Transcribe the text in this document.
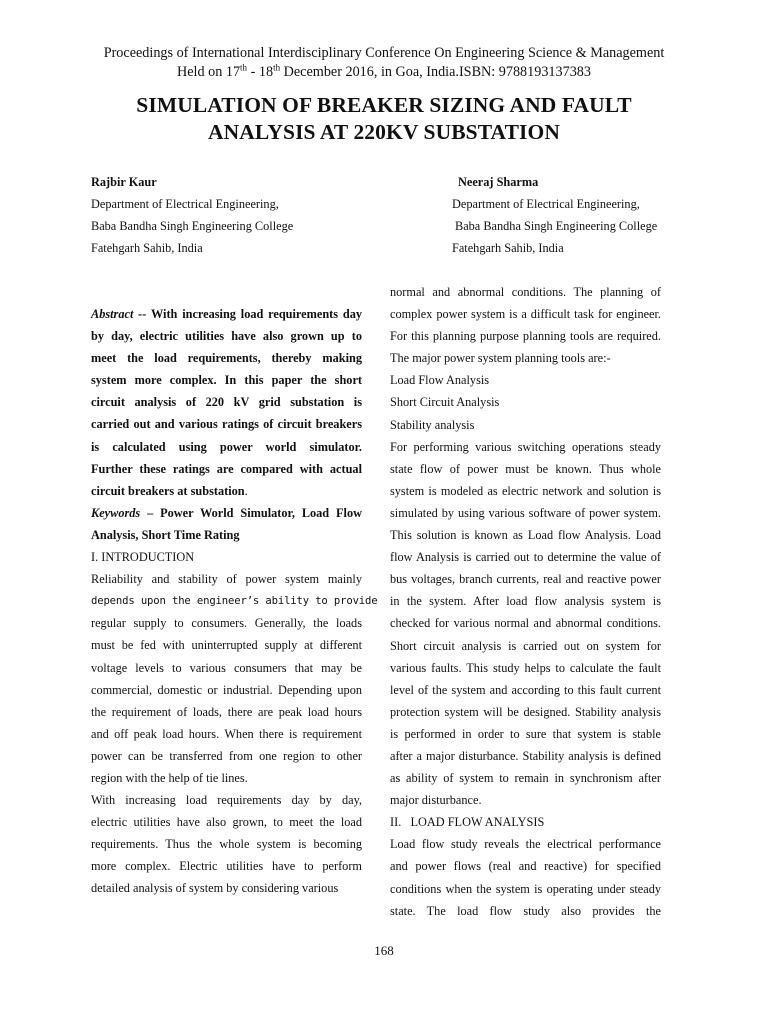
Proceedings of International Interdisciplinary Conference On Engineering Science & Management
Held on 17th - 18th December 2016, in Goa, India.ISBN: 9788193137383
SIMULATION OF BREAKER SIZING AND FAULT
ANALYSIS AT 220KV SUBSTATION
Rajbir Kaur
Department of Electrical Engineering,
Baba Bandha Singh Engineering College
Fatehgarh Sahib, India
Neeraj Sharma
Department of Electrical Engineering,
Baba Bandha Singh Engineering College
Fatehgarh Sahib, India
Abstract -- With increasing load requirements day
by day, electric utilities have also grown up to
meet the load requirements, thereby making
system more complex. In this paper the short
circuit analysis of 220 kV grid substation is
carried out and various ratings of circuit breakers
is calculated using power world simulator.
Further these ratings are compared with actual
circuit breakers at substation.
Keywords – Power World Simulator, Load Flow
Analysis, Short Time Rating
I. INTRODUCTION
Reliability and stability of power system mainly
depends upon the engineer’s ability to provide
regular supply to consumers. Generally, the loads
must be fed with uninterrupted supply at different
voltage levels to various consumers that may be
commercial, domestic or industrial. Depending upon
the requirement of loads, there are peak load hours
and off peak load hours. When there is requirement
power can be transferred from one region to other
region with the help of tie lines.
With increasing load requirements day by day,
electric utilities have also grown, to meet the load
requirements. Thus the whole system is becoming
more complex. Electric utilities have to perform
detailed analysis of system by considering various
normal and abnormal conditions. The planning of
complex power system is a difficult task for engineer.
For this planning purpose planning tools are required.
The major power system planning tools are:-
Load Flow Analysis
Short Circuit Analysis
Stability analysis
For performing various switching operations steady
state flow of power must be known. Thus whole
system is modeled as electric network and solution is
simulated by using various software of power system.
This solution is known as Load flow Analysis. Load
flow Analysis is carried out to determine the value of
bus voltages, branch currents, real and reactive power
in the system. After load flow analysis system is
checked for various normal and abnormal conditions.
Short circuit analysis is carried out on system for
various faults. This study helps to calculate the fault
level of the system and according to this fault current
protection system will be designed. Stability analysis
is performed in order to sure that system is stable
after a major disturbance. Stability analysis is defined
as ability of system to remain in synchronism after
major disturbance.
II.   LOAD FLOW ANALYSIS
Load flow study reveals the electrical performance
and power flows (real and reactive) for specified
conditions when the system is operating under steady
state. The load flow study also provides the
168
